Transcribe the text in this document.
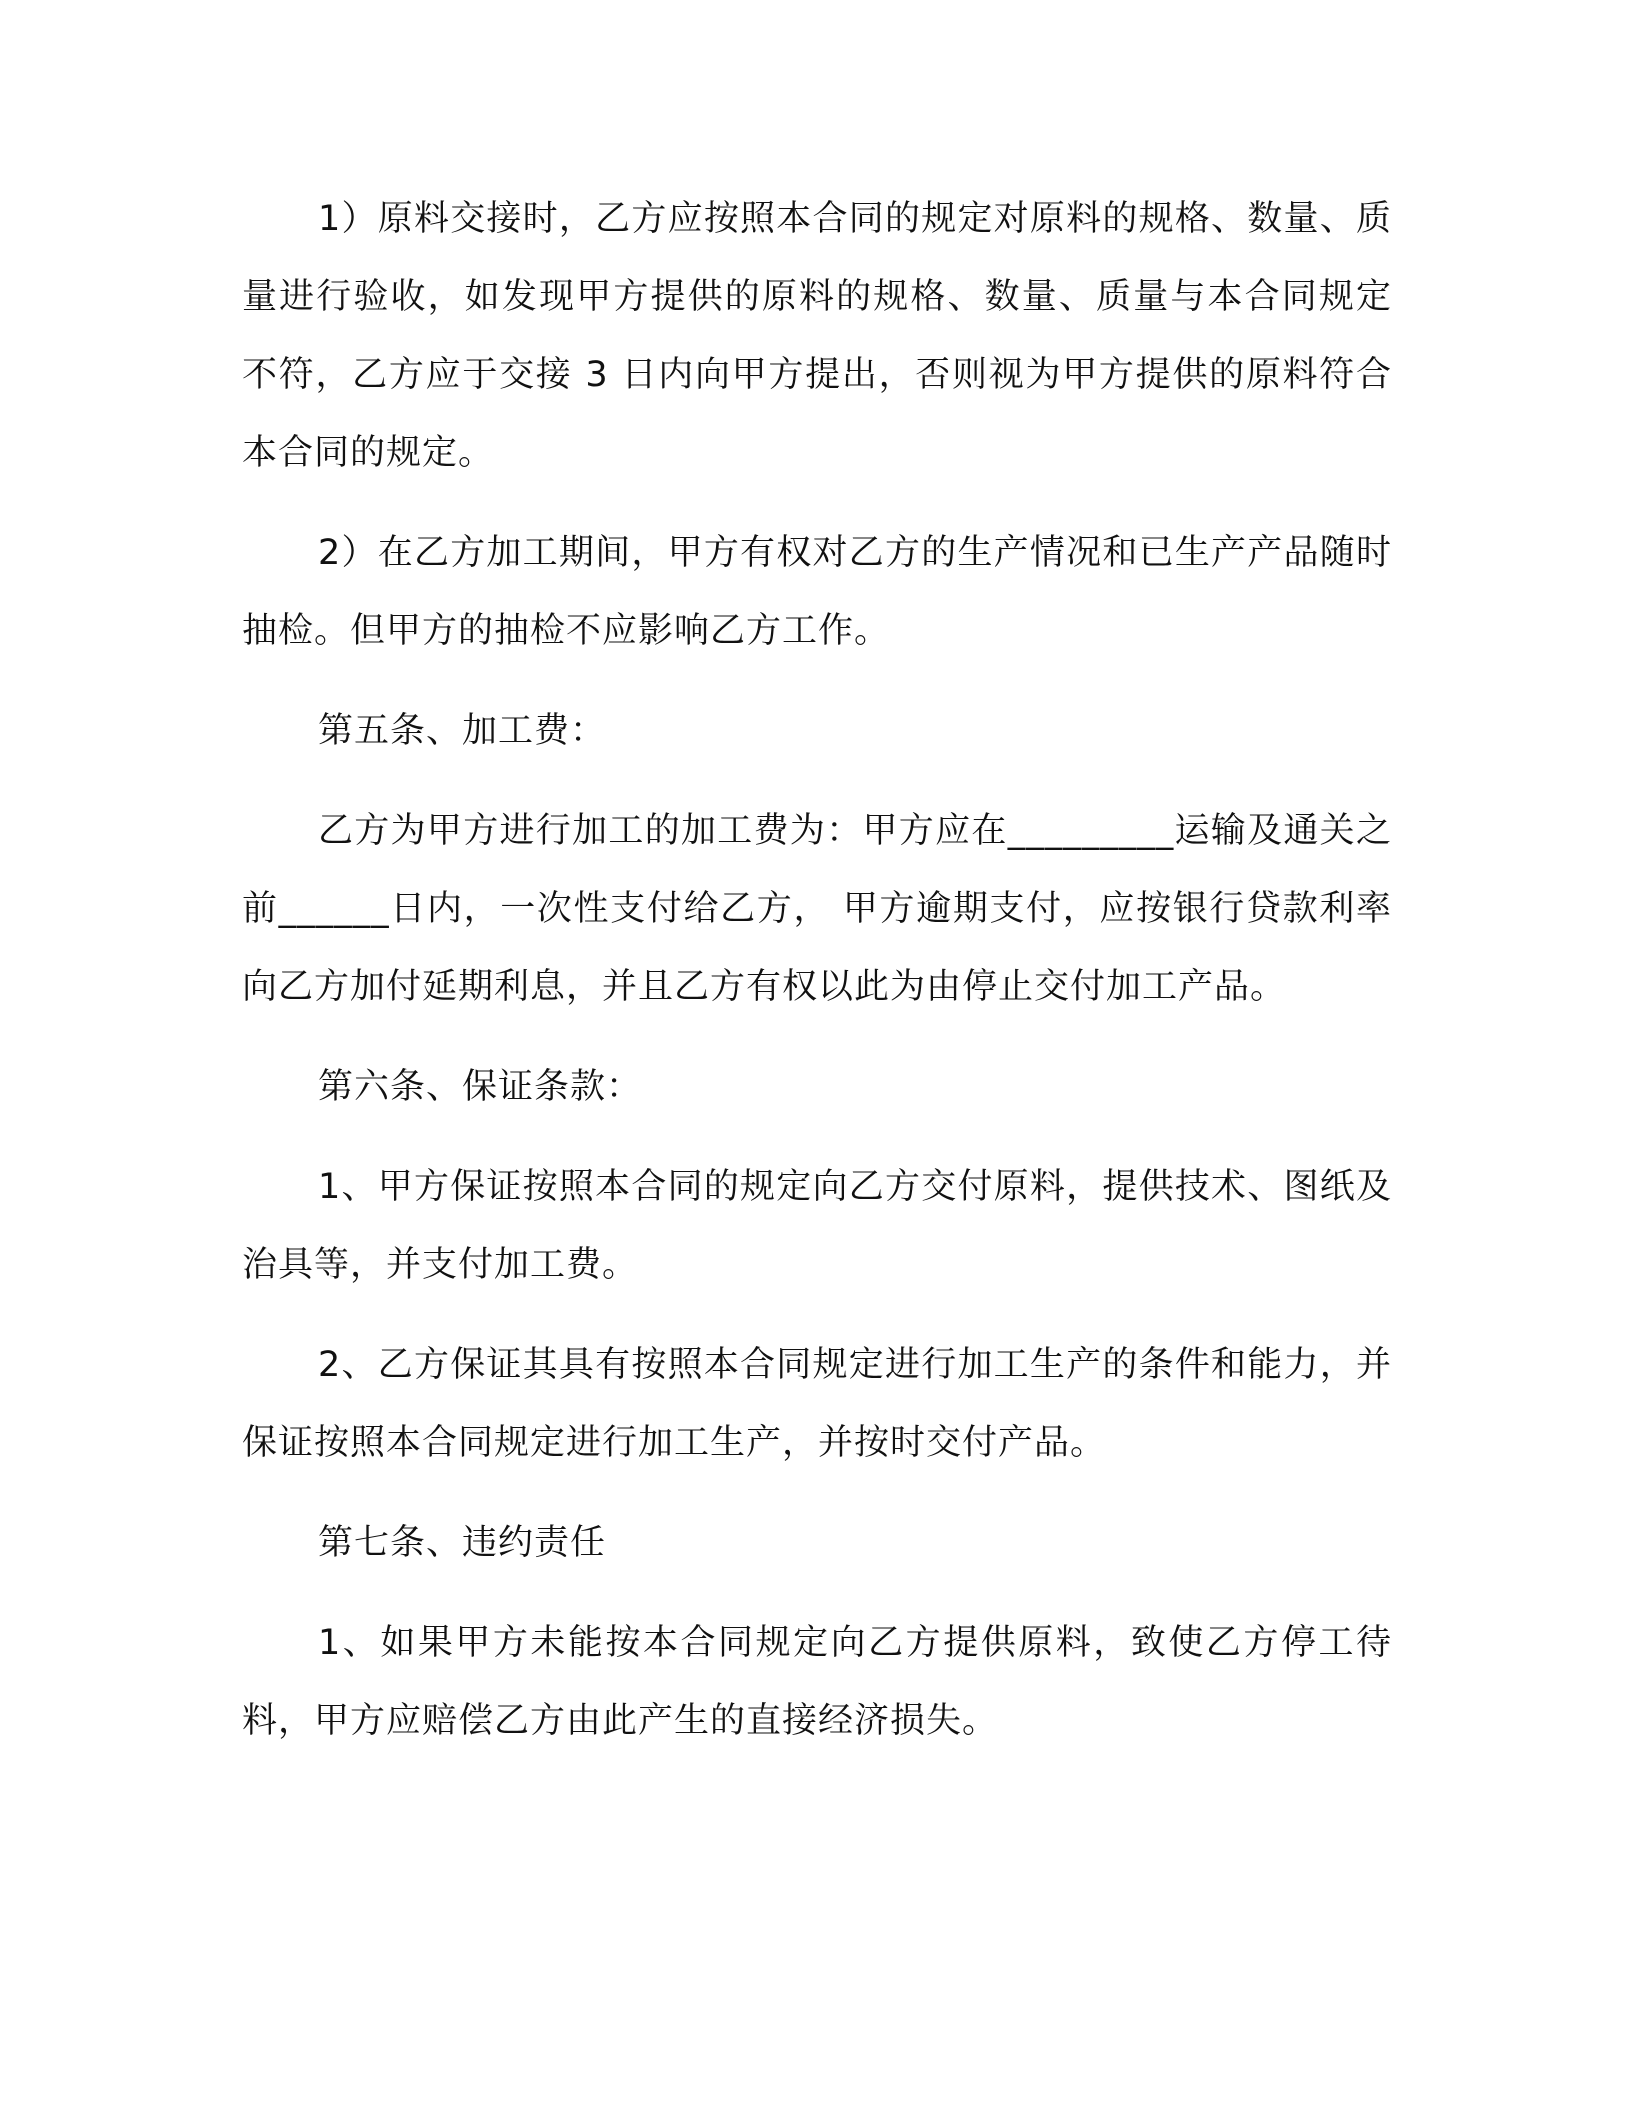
1）原料交接时，乙方应按照本合同的规定对原料的规格、数量、质量进行验收，如发现甲方提供的原料的规格、数量、质量与本合同规定不符，乙方应于交接 3 日内向甲方提出，否则视为甲方提供的原料符合本合同的规定。

2）在乙方加工期间，甲方有权对乙方的生产情况和已生产产品随时抽检。但甲方的抽检不应影响乙方工作。

第五条、加工费：

乙方为甲方进行加工的加工费为：甲方应在_________运输及通关之前______日内，一次性支付给乙方， 甲方逾期支付，应按银行贷款利率向乙方加付延期利息，并且乙方有权以此为由停止交付加工产品。

第六条、保证条款：

1、甲方保证按照本合同的规定向乙方交付原料，提供技术、图纸及治具等，并支付加工费。

2、乙方保证其具有按照本合同规定进行加工生产的条件和能力，并保证按照本合同规定进行加工生产，并按时交付产品。

第七条、违约责任

1、如果甲方未能按本合同规定向乙方提供原料，致使乙方停工待料，甲方应赔偿乙方由此产生的直接经济损失。
